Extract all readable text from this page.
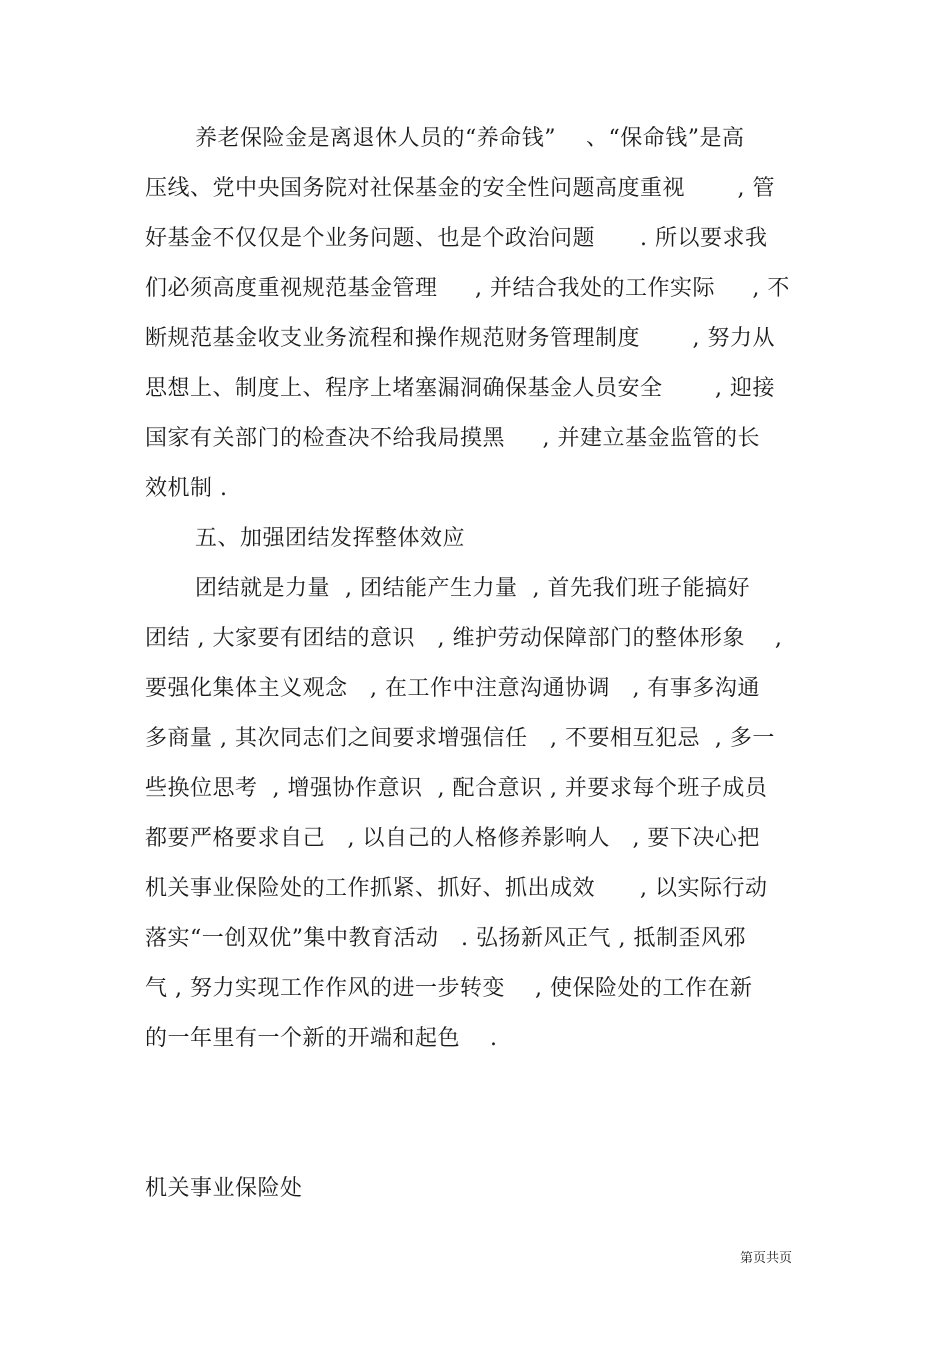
养老保险金是离退休人员的“养命钱”    、“保命钱”是高
压线、党中央国务院对社保基金的安全性问题高度重视       , 管
好基金不仅仅是个业务问题、也是个政治问题      . 所以要求我
们必须高度重视规范基金管理     , 并结合我处的工作实际     , 不
断规范基金收支业务流程和操作规范财务管理制度       , 努力从
思想上、制度上、程序上堵塞漏洞确保基金人员安全       , 迎接
国家有关部门的检查决不给我局摸黑     , 并建立基金监管的长
效机制 .
五、加强团结发挥整体效应
团结就是力量  , 团结能产生力量  , 首先我们班子能搞好
团结 , 大家要有团结的意识   , 维护劳动保障部门的整体形象    ,
要强化集体主义观念   , 在工作中注意沟通协调   , 有事多沟通
多商量 , 其次同志们之间要求增强信任   , 不要相互犯忌  , 多一
些换位思考  , 增强协作意识  , 配合意识 , 并要求每个班子成员
都要严格要求自己   , 以自己的人格修养影响人   , 要下决心把
机关事业保险处的工作抓紧、抓好、抓出成效      , 以实际行动
落实“一创双优”集中教育活动   . 弘扬新风正气 , 抵制歪风邪
气 , 努力实现工作作风的进一步转变    , 使保险处的工作在新
的一年里有一个新的开端和起色    .
机关事业保险处
第页共页
